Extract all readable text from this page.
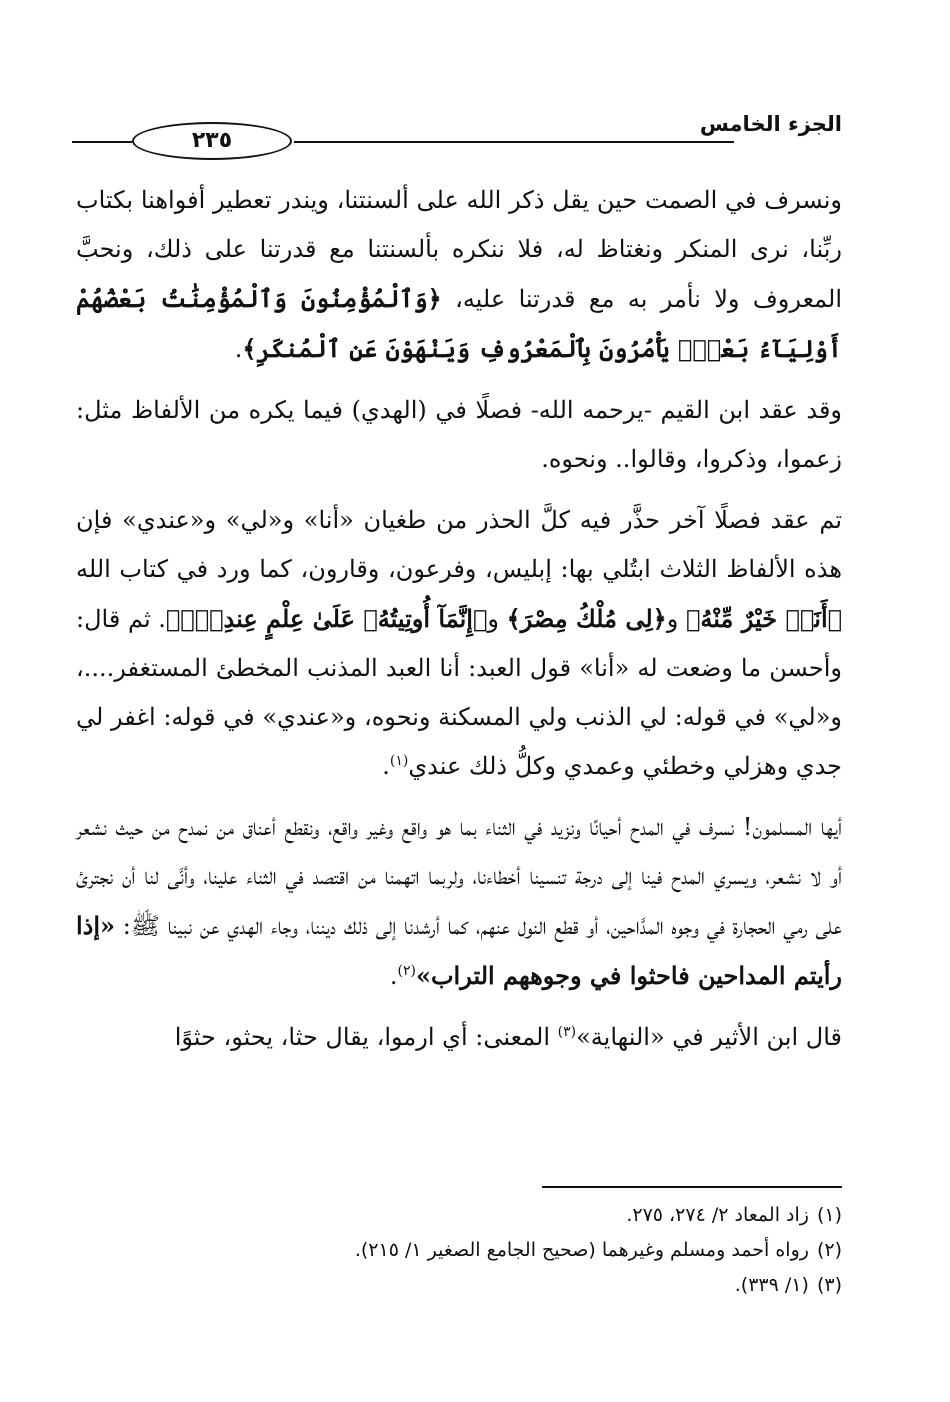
الجزء الخامس
٢٣٥

ونسرف في الصمت حين يقل ذكر الله على ألسنتنا، ويندر تعطير أفواهنا بكتاب ربِّنا، نرى المنكر ونغتاظ له، فلا ننكره بألسنتنا مع قدرتنا على ذلك، ونحبَّ المعروف ولا نأمر به مع قدرتنا عليه، ﴿وَٱلْمُؤْمِنُونَ وَٱلْمُؤْمِنَٰتُ بَعْضُهُمْ أَوْلِيَآءُ بَعْضٍۚ يَأْمُرُونَ بِٱلْمَعْرُوفِ وَيَنْهَوْنَ عَنِ ٱلْمُنكَرِ﴾.

وقد عقد ابن القيم -يرحمه الله- فصلًا في (الهدي) فيما يكره من الألفاظ مثل: زعموا، وذكروا، وقالوا.. ونحوه.

تم عقد فصلًا آخر حذَّر فيه كلَّ الحذر من طغيان «أنا» و«لي» و«عندي» فإن هذه الألفاظ الثلاث ابتُلي بها: إبليس، وفرعون، وقارون، كما ورد في كتاب الله ﴿أَنَا۠ خَيْرٌ مِّنْهُ﴾ و﴿لِى مُلْكُ مِصْرَ﴾ و﴿إِنَّمَآ أُوتِيتُهُۥ عَلَىٰ عِلْمٍ عِندِىٓۚ﴾. ثم قال: وأحسن ما وضعت له «أنا» قول العبد: أنا العبد المذنب المخطئ المستغفر....، و«لي» في قوله: لي الذنب ولي المسكنة ونحوه، و«عندي» في قوله: اغفر لي جدي وهزلي وخطئي وعمدي وكلُّ ذلك عندي$^{(١)}$.

أيها المسلمون! نسرف في المدح أحيانًا ونزيد في الثناء بما هو واقع وغير واقع، ونقطع أعناق من نمدح من حيث نشعر أو لا نشعر، ويسري المدح فينا إلى درجة تنسينا أخطاءنا، ولربما اتهمنا من اقتصد في الثناء علينا، وأنَّى لنا أن نجترئ على رمي الحجارة في وجوه المدَّاحين، أو قطع النول عنهم، كما أرشدنا إلى ذلك ديننا، وجاء الهدي عن نبينا ﷺ: «إذا رأيتم المداحين فاحثوا في وجوههم التراب»$^{(٢)}$.

قال ابن الأثير في «النهاية»$^{(٣)}$ المعنى: أي ارموا، يقال حثا، يحثو، حثوًا

(١)زاد المعاد ٢/ ٢٧٤، ٢٧٥.

(٢)رواه أحمد ومسلم وغيرهما (صحيح الجامع الصغير ١/ ٢١٥).

(٣)(١/ ٣٣٩).
